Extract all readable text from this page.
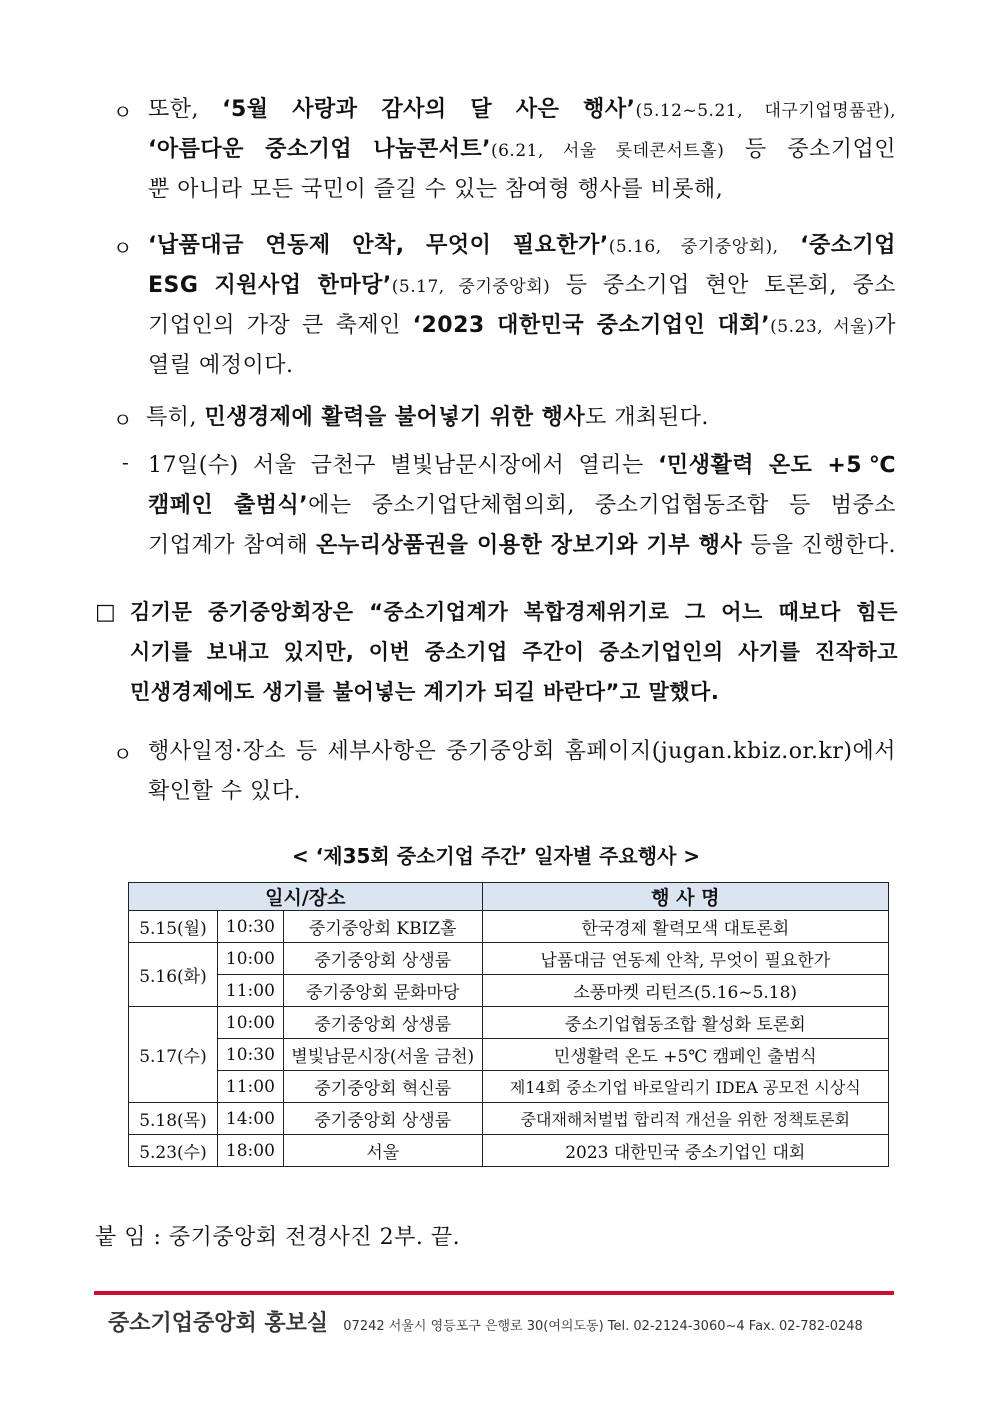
ㅇ 또한, ‘5월 사랑과 감사의 달 사은 행사’(5.12~5.21, 대구기업명품관),
‘아름다운 중소기업 나눔콘서트’(6.21, 서울 롯데콘서트홀) 등 중소기업인
뿐 아니라 모든 국민이 즐길 수 있는 참여형 행사를 비롯해,
ㅇ ‘납품대금 연동제 안착, 무엇이 필요한가’(5.16, 중기중앙회), ‘중소기업
ESG 지원사업 한마당’(5.17, 중기중앙회) 등 중소기업 현안 토론회, 중소
기업인의 가장 큰 축제인 ‘2023 대한민국 중소기업인 대회’(5.23, 서울)가
열릴 예정이다.
ㅇ 특히, 민생경제에 활력을 불어넣기 위한 행사도 개최된다.
- 17일(수) 서울 금천구 별빛남문시장에서 열리는 ‘민생활력 온도 +5℃
캠페인 출범식’에는 중소기업단체협의회, 중소기업협동조합 등 범중소
기업계가 참여해 온누리상품권을 이용한 장보기와 기부 행사 등을 진행한다.
□ 김기문 중기중앙회장은 “중소기업계가 복합경제위기로 그 어느 때보다 힘든
시기를 보내고 있지만, 이번 중소기업 주간이 중소기업인의 사기를 진작하고
민생경제에도 생기를 불어넣는 계기가 되길 바란다”고 말했다.
ㅇ 행사일정·장소 등 세부사항은 중기중앙회 홈페이지(jugan.kbiz.or.kr)에서
확인할 수 있다.
< ‘제35회 중소기업 주간’ 일자별 주요행사 >
일시/장소			행 사 명
5.15(월)	10:30	중기중앙회 KBIZ홀	한국경제 활력모색 대토론회
5.16(화)	10:00	중기중앙회 상생룸	납품대금 연동제 안착, 무엇이 필요한가
	11:00	중기중앙회 문화마당	소풍마켓 리턴즈(5.16~5.18)
5.17(수)	10:00	중기중앙회 상생룸	중소기업협동조합 활성화 토론회
	10:30	별빛남문시장(서울 금천)	민생활력 온도 +5℃ 캠페인 출범식
	11:00	중기중앙회 혁신룸	제14회 중소기업 바로알리기 IDEA 공모전 시상식
5.18(목)	14:00	중기중앙회 상생룸	중대재해처벌법 합리적 개선을 위한 정책토론회
5.23(수)	18:00	서울	2023 대한민국 중소기업인 대회
붙 임 : 중기중앙회 전경사진 2부. 끝.
중소기업중앙회 홍보실 07242 서울시 영등포구 은행로 30(여의도동) Tel. 02-2124-3060~4 Fax. 02-782-0248
